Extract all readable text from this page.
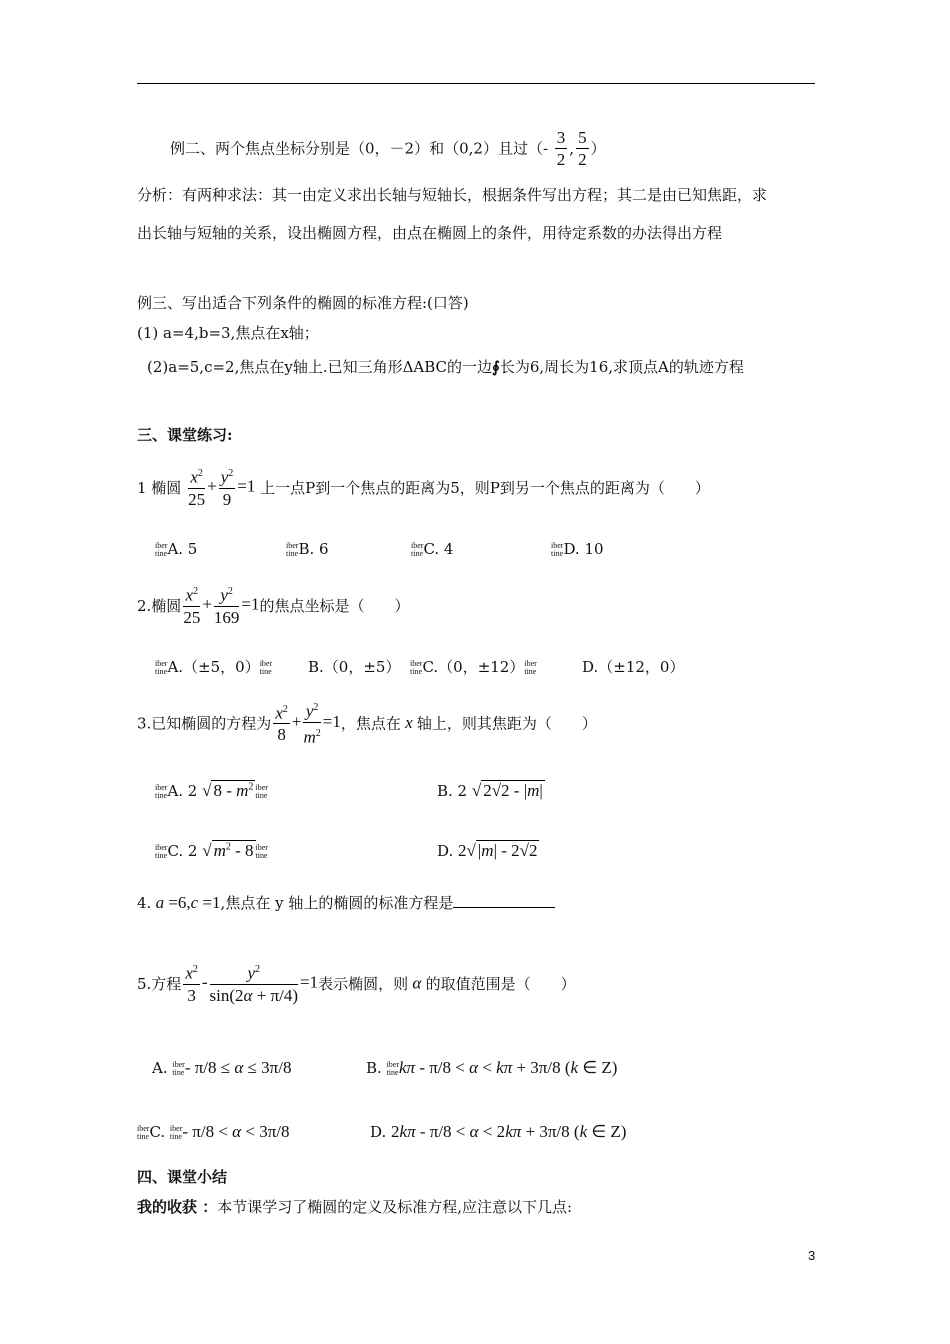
例二、两个焦点坐标分别是（0，－2）和（0,2）且过（- $\frac{3}{2}$ , $\frac{5}{2}$ ）
分析：有两种求法：其一由定义求出长轴与短轴长，根据条件写出方程；其二是由已知焦距，求
出长轴与短轴的关系，设出椭圆方程，由点在椭圆上的条件，用待定系数的办法得出方程
例三、写出适合下列条件的椭圆的标准方程:(口答)
(1) a=4,b=3,焦点在x轴；
(2)a=5,c=2,焦点在y轴上.已知三角形ΔABC的一边∮长为6,周长为16,求顶点A的轨迹方程
三、课堂练习:
1 椭圆 $\frac{x^2}{25} + \frac{y^2}{9} =1$ 上一点P到一个焦点的距离为5，则P到另一个焦点的距离为（　　）
iber
tineA. 5	iber
tineB. 6	iber
tineC. 4	iber
tineD. 10
2.椭圆 $\frac{x^2}{25} + \frac{y^2}{169} =1$的焦点坐标是（　　）
iber
tineA.（±5，0）iber
tine B.（0，±5） iber
tineC.（0，±12）iber
tine	D.（±12，0）
3.已知椭圆的方程为 $\frac{x^2}{8} + \frac{y^2}{m^2} =1$，焦点在 x 轴上，则其焦距为（　　）
iber
tineA. 2 √ $8 - m^2$ iber
tine	B. 2 √ 2√2 - |m|
iber
tineC. 2 √ $m^2 - 8$ iber
tine	D. 2√ |m| - 2√2
4. a =6,c =1,焦点在 y 轴上的椭圆的标准方程是
5.方程 $\frac{x^2}{3} - \frac{y^2}{\sin(2\alpha + \pi/4)} =1$表示椭圆，则 α 的取值范围是（　　）
A. iber
tine- π/8 ≤ α ≤ 3π/8	B. iber
tinekπ - π/8 < α < kπ + 3π/8 (k ∈ Z)
iber
tineC. iber
tine- π/8 < α < 3π/8	D. 2kπ - π/8 < α < 2kπ + 3π/8 (k ∈ Z)
四、课堂小结
我的收获 ：本节课学习了椭圆的定义及标准方程,应注意以下几点:
3
